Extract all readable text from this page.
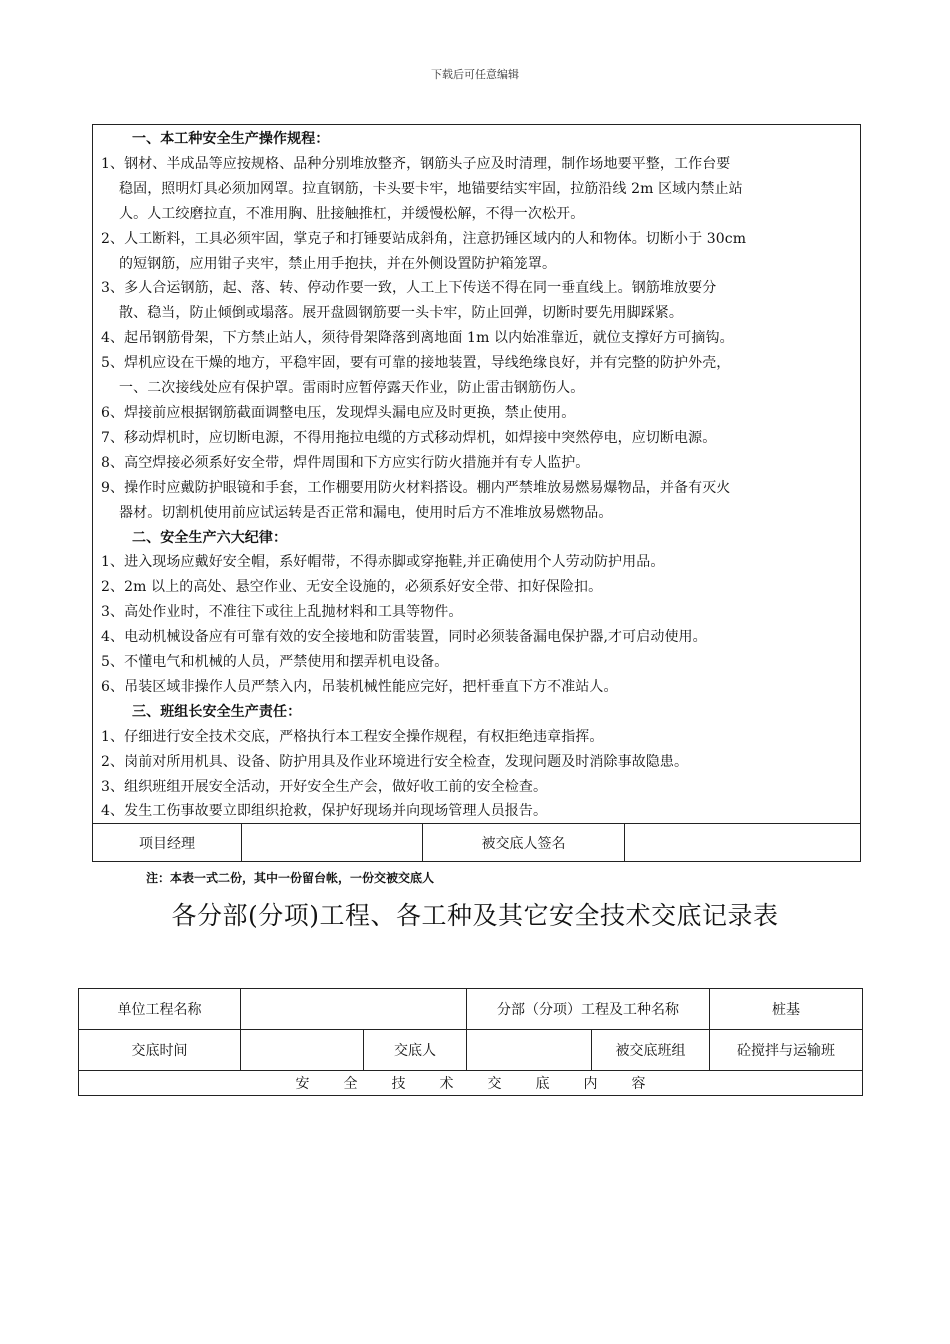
下载后可任意编辑
一、本工种安全生产操作规程：
1、钢材、半成品等应按规格、品种分别堆放整齐，钢筋头子应及时清理，制作场地要平整，工作台要
稳固，照明灯具必须加网罩。拉直钢筋，卡头要卡牢，地锚要结实牢固，拉筋沿线 2m 区域内禁止站
人。人工绞磨拉直，不准用胸、肚接触推杠，并缓慢松解，不得一次松开。
2、人工断料，工具必须牢固，掌克子和打锤要站成斜角，注意扔锤区域内的人和物体。切断小于 30cm
的短钢筋，应用钳子夹牢，禁止用手抱扶，并在外侧设置防护箱笼罩。
3、多人合运钢筋，起、落、转、停动作要一致，人工上下传送不得在同一垂直线上。钢筋堆放要分
散、稳当，防止倾倒或塌落。展开盘圆钢筋要一头卡牢，防止回弹，切断时要先用脚踩紧。
4、起吊钢筋骨架，下方禁止站人，须待骨架降落到离地面 1m 以内始准靠近，就位支撑好方可摘钩。
5、焊机应设在干燥的地方，平稳牢固，要有可靠的接地装置，导线绝缘良好，并有完整的防护外壳，
一、二次接线处应有保护罩。雷雨时应暂停露天作业，防止雷击钢筋伤人。
6、焊接前应根据钢筋截面调整电压，发现焊头漏电应及时更换，禁止使用。
7、移动焊机时，应切断电源，不得用拖拉电缆的方式移动焊机，如焊接中突然停电，应切断电源。
8、高空焊接必须系好安全带，焊件周围和下方应实行防火措施并有专人监护。
9、操作时应戴防护眼镜和手套，工作棚要用防火材料搭设。棚内严禁堆放易燃易爆物品，并备有灭火
器材。切割机使用前应试运转是否正常和漏电，使用时后方不准堆放易燃物品。
二、安全生产六大纪律：
1、进入现场应戴好安全帽，系好帽带，不得赤脚或穿拖鞋,并正确使用个人劳动防护用品。
2、2m 以上的高处、悬空作业、无安全设施的，必须系好安全带、扣好保险扣。
3、高处作业时，不准往下或往上乱抛材料和工具等物件。
4、电动机械设备应有可靠有效的安全接地和防雷装置，同时必须装备漏电保护器,才可启动使用。
5、不懂电气和机械的人员，严禁使用和摆弄机电设备。
6、吊装区域非操作人员严禁入内，吊装机械性能应完好，把杆垂直下方不准站人。
三、班组长安全生产责任：
1、仔细进行安全技术交底，严格执行本工程安全操作规程，有权拒绝违章指挥。
2、岗前对所用机具、设备、防护用具及作业环境进行安全检查，发现问题及时消除事故隐患。
3、组织班组开展安全活动，开好安全生产会，做好收工前的安全检查。
4、发生工伤事故要立即组织抢救，保护好现场并向现场管理人员报告。
项目经理	被交底人签名
注：本表一式二份，其中一份留台帐，一份交被交底人
各分部(分项)工程、各工种及其它安全技术交底记录表
单位工程名称			分部（分项）工程及工种名称		桩基
交底时间		交底人		被交底班组	砼搅拌与运输班
安全技术交底内容					
